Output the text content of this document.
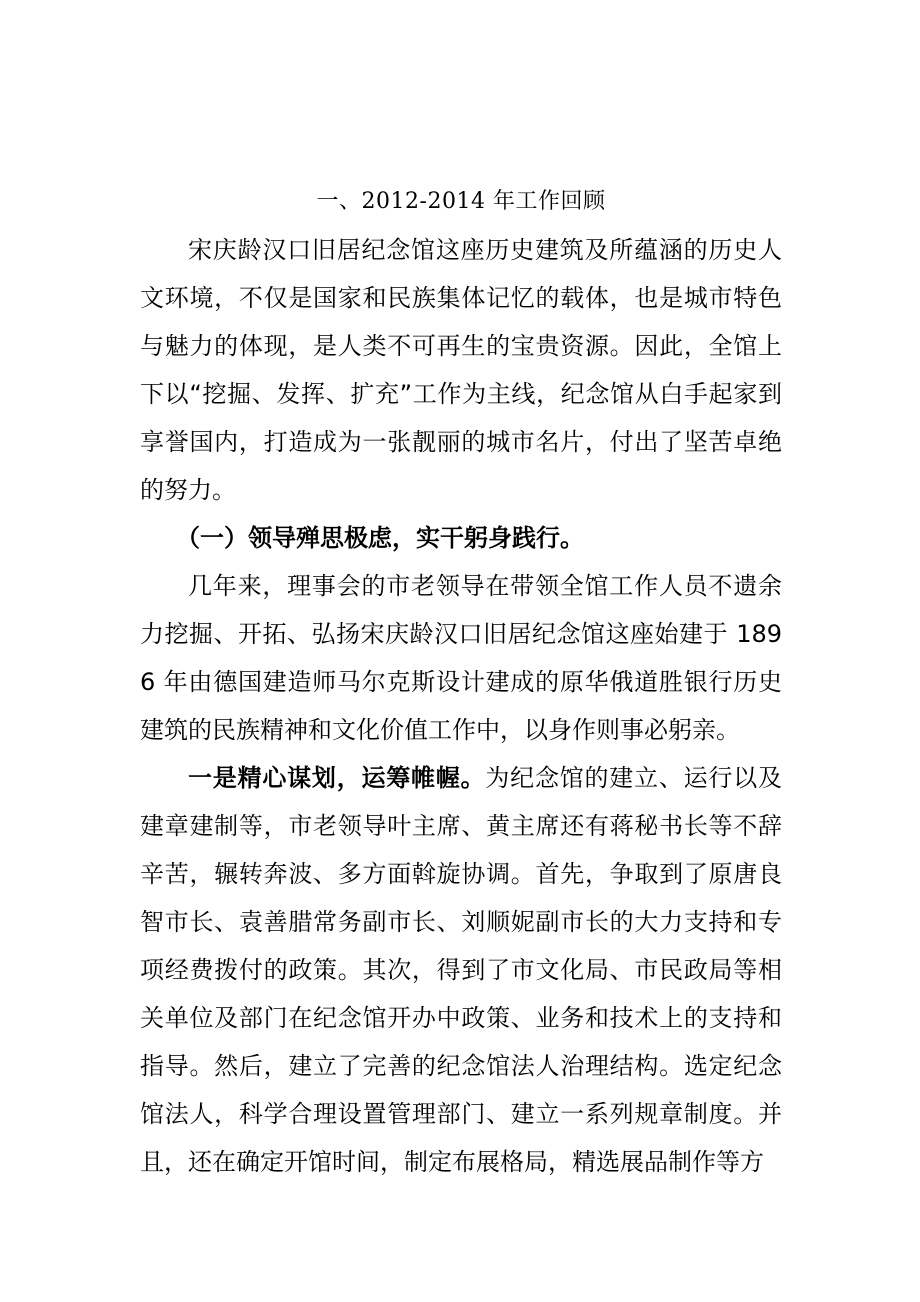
一、2012-2014 年工作回顾

宋庆龄汉口旧居纪念馆这座历史建筑及所蕴涵的历史人文环境，不仅是国家和民族集体记忆的载体，也是城市特色与魅力的体现，是人类不可再生的宝贵资源。因此，全馆上下以“挖掘、发挥、扩充”工作为主线，纪念馆从白手起家到享誉国内，打造成为一张靓丽的城市名片，付出了坚苦卓绝的努力。

（一）领导殚思极虑，实干躬身践行。

几年来，理事会的市老领导在带领全馆工作人员不遗余力挖掘、开拓、弘扬宋庆龄汉口旧居纪念馆这座始建于 1896 年由德国建造师马尔克斯设计建成的原华俄道胜银行历史建筑的民族精神和文化价值工作中，以身作则事必躬亲。

一是精心谋划，运筹帷幄。为纪念馆的建立、运行以及建章建制等，市老领导叶主席、黄主席还有蒋秘书长等不辞辛苦，辗转奔波、多方面斡旋协调。首先，争取到了原唐良智市长、袁善腊常务副市长、刘顺妮副市长的大力支持和专项经费拨付的政策。其次，得到了市文化局、市民政局等相关单位及部门在纪念馆开办中政策、业务和技术上的支持和指导。然后，建立了完善的纪念馆法人治理结构。选定纪念馆法人，科学合理设置管理部门、建立一系列规章制度。并且，还在确定开馆时间，制定布展格局，精选展品制作等方
